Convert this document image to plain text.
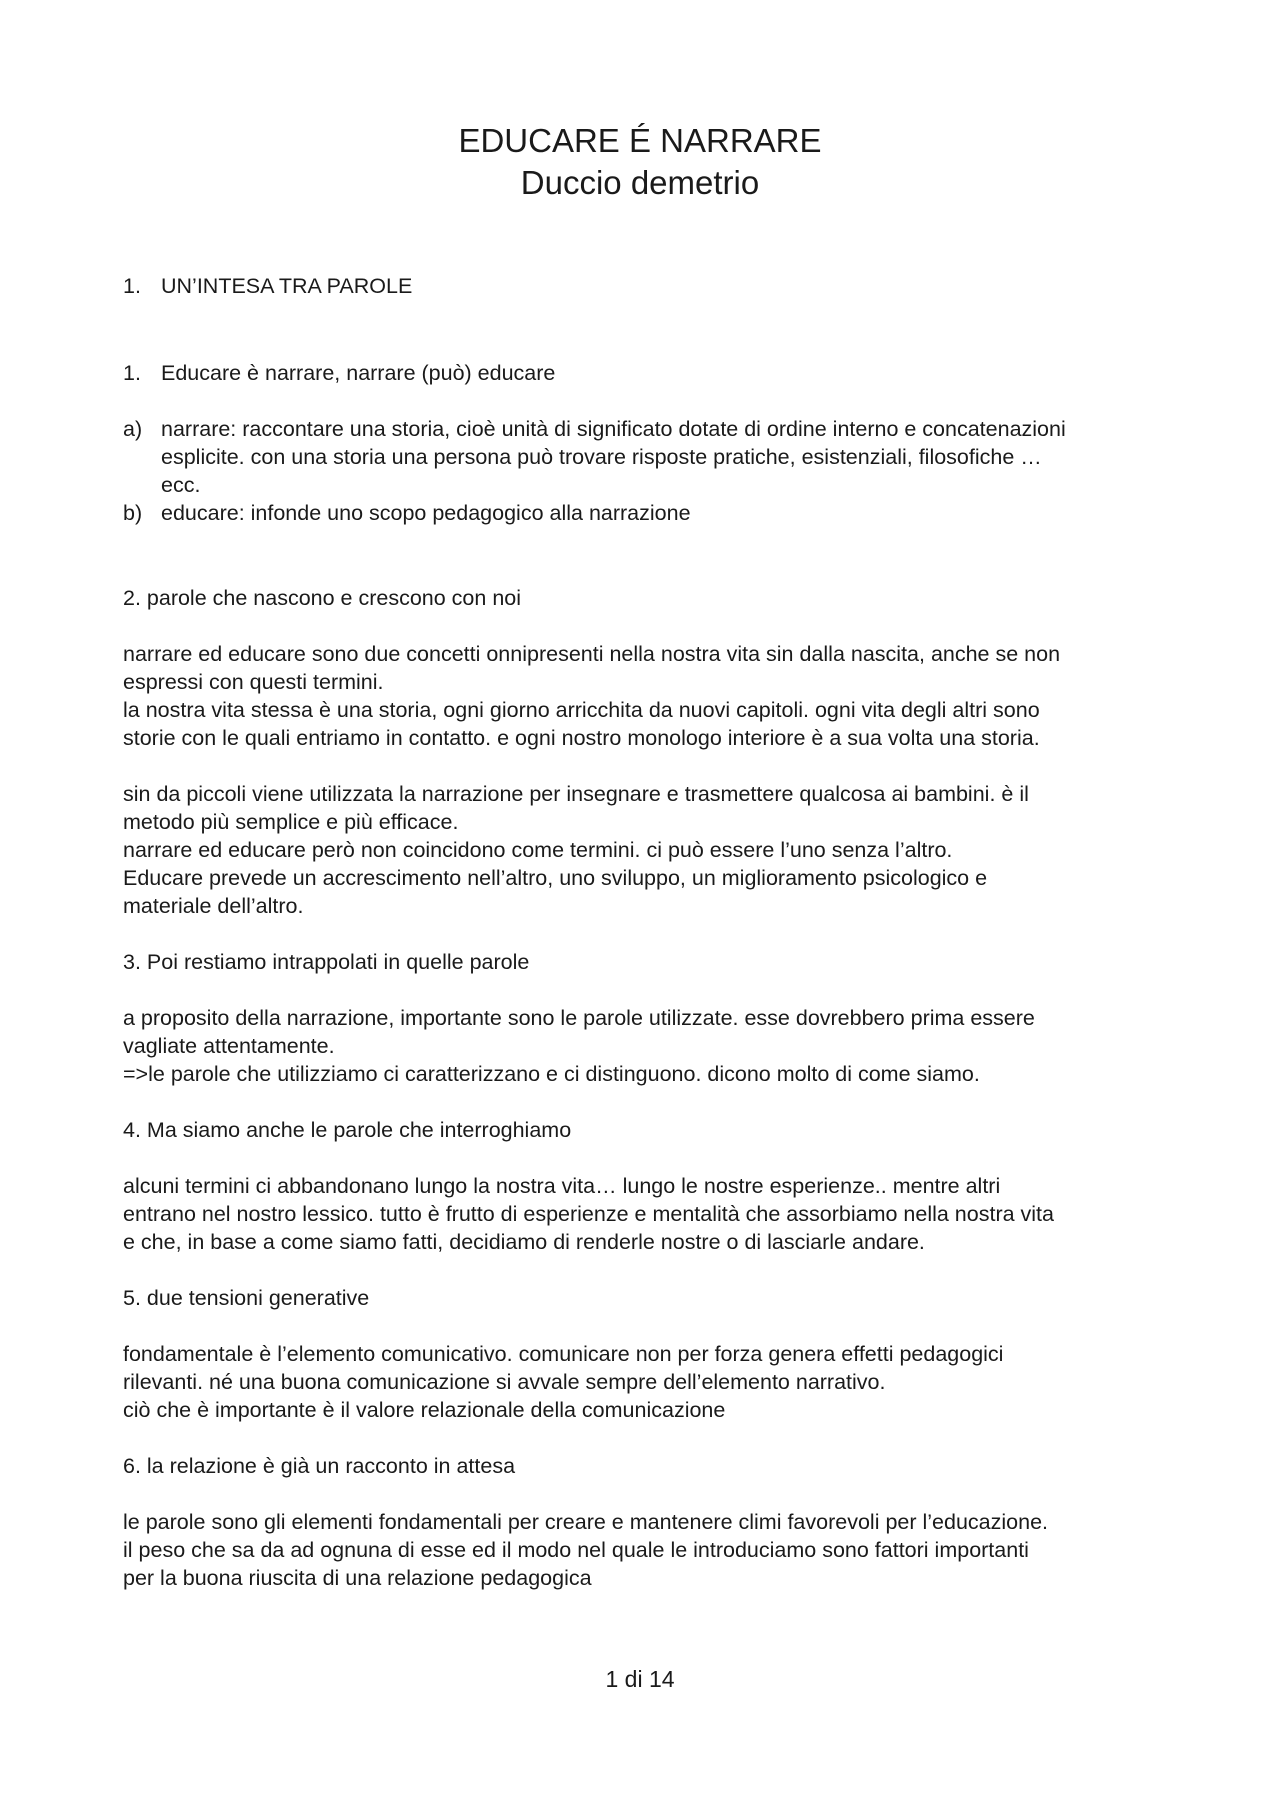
EDUCARE É NARRARE
Duccio demetrio
1. UN’INTESA TRA PAROLE
1. Educare è narrare, narrare (può) educare
a) narrare: raccontare una storia, cioè unità di significato dotate di ordine interno e concatenazioni
esplicite. con una storia una persona può trovare risposte pratiche, esistenziali, filosofiche …
ecc.
b) educare: infonde uno scopo pedagogico alla narrazione
2. parole che nascono e crescono con noi
narrare ed educare sono due concetti onnipresenti nella nostra vita sin dalla nascita, anche se non
espressi con questi termini.
la nostra vita stessa è una storia, ogni giorno arricchita da nuovi capitoli. ogni vita degli altri sono
storie con le quali entriamo in contatto. e ogni nostro monologo interiore è a sua volta una storia.
sin da piccoli viene utilizzata la narrazione per insegnare e trasmettere qualcosa ai bambini. è il
metodo più semplice e più efficace.
narrare ed educare però non coincidono come termini. ci può essere l’uno senza l’altro.
Educare prevede un accrescimento nell’altro, uno sviluppo, un miglioramento psicologico e
materiale dell’altro.
3. Poi restiamo intrappolati in quelle parole
a proposito della narrazione, importante sono le parole utilizzate. esse dovrebbero prima essere
vagliate attentamente.
=>le parole che utilizziamo ci caratterizzano e ci distinguono. dicono molto di come siamo.
4. Ma siamo anche le parole che interroghiamo
alcuni termini ci abbandonano lungo la nostra vita… lungo le nostre esperienze.. mentre altri
entrano nel nostro lessico. tutto è frutto di esperienze e mentalità che assorbiamo nella nostra vita
e che, in base a come siamo fatti, decidiamo di renderle nostre o di lasciarle andare.
5. due tensioni generative
fondamentale è l’elemento comunicativo. comunicare non per forza genera effetti pedagogici
rilevanti. né una buona comunicazione si avvale sempre dell’elemento narrativo.
ciò che è importante è il valore relazionale della comunicazione
6. la relazione è già un racconto in attesa
le parole sono gli elementi fondamentali per creare e mantenere climi favorevoli per l’educazione.
il peso che sa da ad ognuna di esse ed il modo nel quale le introduciamo sono fattori importanti
per la buona riuscita di una relazione pedagogica
1 di 14
